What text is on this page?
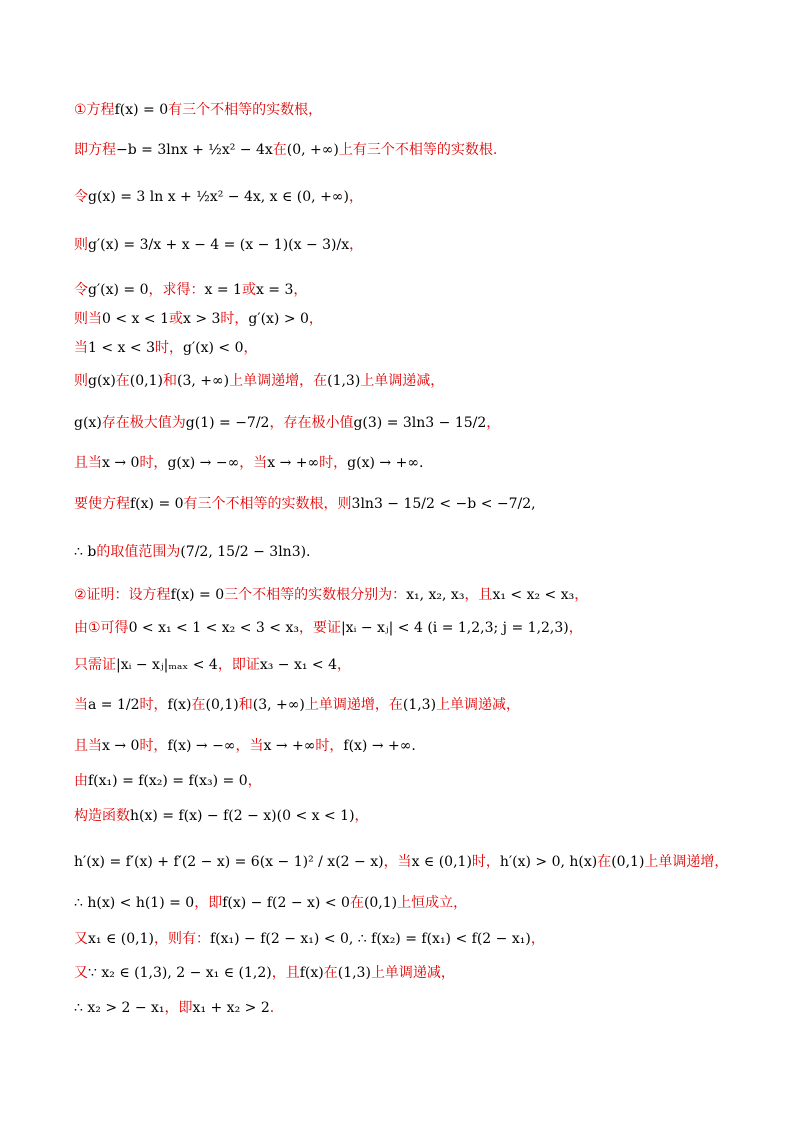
①方程f(x) = 0有三个不相等的实数根，
即方程−b = 3lnx + ½x² − 4x在(0, +∞)上有三个不相等的实数根.
令g(x) = 3 ln x + ½x² − 4x, x ∈ (0, +∞)，
则g′(x) = 3/x + x − 4 = (x − 1)(x − 3)/x，
令g′(x) = 0，求得：x = 1或x = 3，
则当0 < x < 1或x > 3时，g′(x) > 0，
当1 < x < 3时，g′(x) < 0，
则g(x)在(0,1)和(3, +∞)上单调递增，在(1,3)上单调递减，
g(x)存在极大值为g(1) = −7/2，存在极小值g(3) = 3ln3 − 15/2，
且当x → 0时，g(x) → −∞，当x → +∞时，g(x) → +∞.
要使方程f(x) = 0有三个不相等的实数根，则3ln3 − 15/2 < −b < −7/2,
∴ b的取值范围为(7/2, 15/2 − 3ln3).
②证明：设方程f(x) = 0三个不相等的实数根分别为：x₁, x₂, x₃，且x₁ < x₂ < x₃，
由①可得0 < x₁ < 1 < x₂ < 3 < x₃，要证|xᵢ − xⱼ| < 4 (i = 1,2,3; j = 1,2,3)，
只需证|xᵢ − xⱼ|ₘₐₓ < 4，即证x₃ − x₁ < 4，
当a = 1/2时，f(x)在(0,1)和(3, +∞)上单调递增，在(1,3)上单调递减，
且当x → 0时，f(x) → −∞，当x → +∞时，f(x) → +∞.
由f(x₁) = f(x₂) = f(x₃) = 0，
构造函数h(x) = f(x) − f(2 − x)(0 < x < 1)，
h′(x) = f′(x) + f′(2 − x) = 6(x − 1)² / x(2 − x)，当x ∈ (0,1)时，h′(x) > 0, h(x)在(0,1)上单调递增，
∴ h(x) < h(1) = 0，即f(x) − f(2 − x) < 0在(0,1)上恒成立，
又x₁ ∈ (0,1)，则有：f(x₁) − f(2 − x₁) < 0, ∴ f(x₂) = f(x₁) < f(2 − x₁)，
又∵ x₂ ∈ (1,3), 2 − x₁ ∈ (1,2)，且f(x)在(1,3)上单调递减，
∴ x₂ > 2 − x₁，即x₁ + x₂ > 2.
